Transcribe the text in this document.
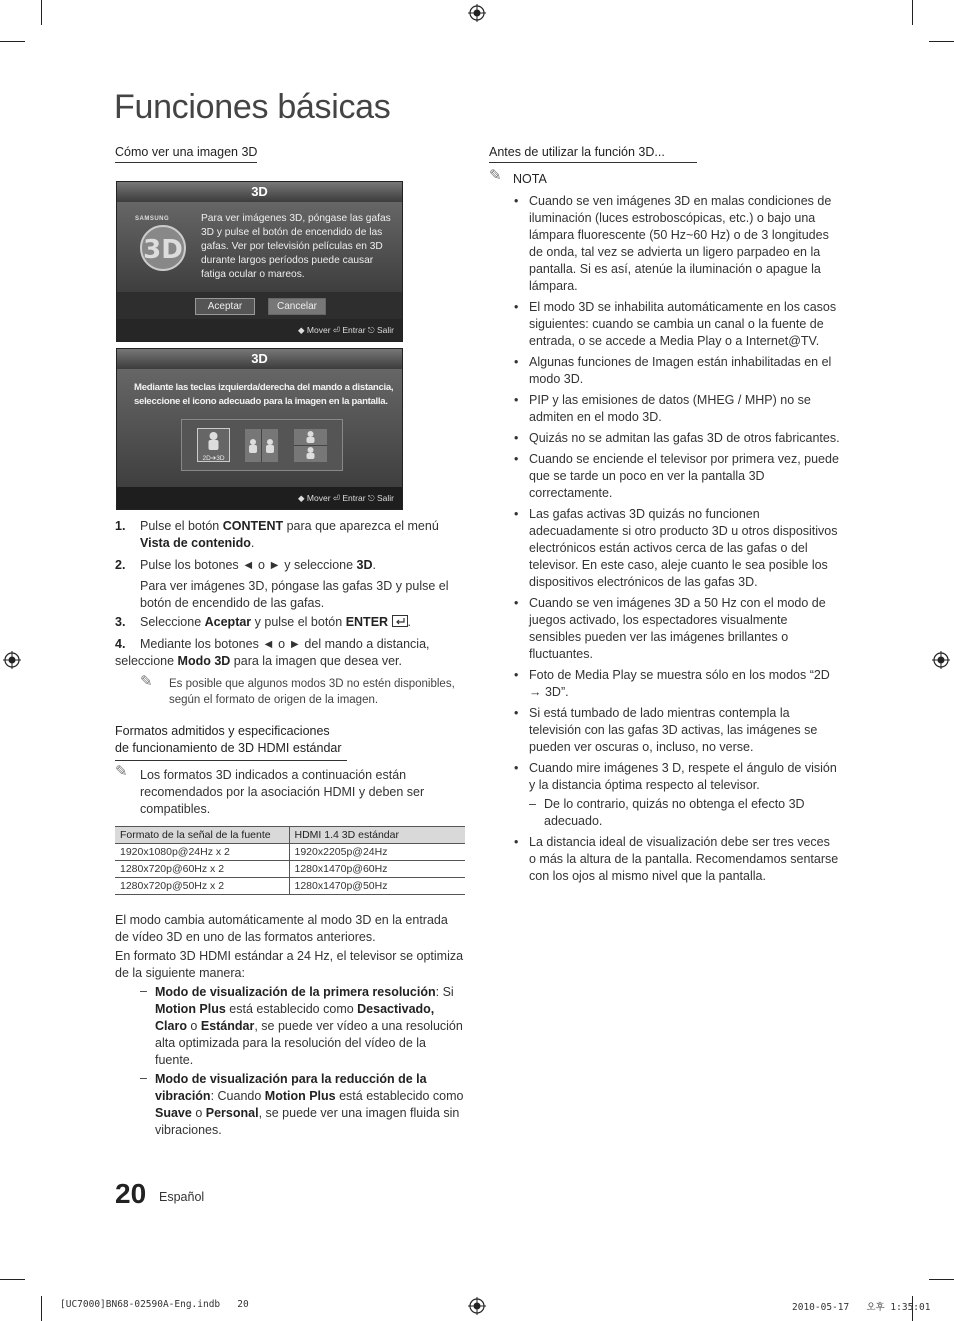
Funciones básicas
Cómo ver una imagen 3D
3D
SAMSUNG
3D
Para ver imágenes 3D, póngase las gafas 3D y pulse el botón de encendido de las gafas. Ver por televisión películas en 3D durante largos períodos puede causar fatiga ocular o mareos.
Aceptar	Cancelar
◆ Mover ⏎ Entrar ⎋ Salir
3D
Mediante las teclas izquierda/derecha del mando a distancia, seleccione el icono adecuado para la imagen en la pantalla.
2D➔3D
◆ Mover ⏎ Entrar ⎋ Salir
1. Pulse el botón CONTENT para que aparezca el menú
Vista de contenido.
2. Pulse los botones ◄ o ► y seleccione 3D.
Para ver imágenes 3D, póngase las gafas 3D y pulse el botón de encendido de las gafas.
3. Seleccione Aceptar y pulse el botón ENTER .
4. Mediante los botones ◄ o ► del mando a distancia, seleccione Modo 3D para la imagen que desea ver.
✎ Es posible que algunos modos 3D no estén disponibles, según el formato de origen de la imagen.
Formatos admitidos y especificaciones de funcionamiento de 3D HDMI estándar
✎ Los formatos 3D indicados a continuación están recomendados por la asociación HDMI y deben ser compatibles.
Formato de la señal de la fuente	HDMI 1.4 3D estándar
1920x1080p@24Hz x 2	1920x2205p@24Hz
1280x720p@60Hz x 2	1280x1470p@60Hz
1280x720p@50Hz x 2	1280x1470p@50Hz
El modo cambia automáticamente al modo 3D en la entrada de vídeo 3D en uno de las formatos anteriores.
En formato 3D HDMI estándar a 24 Hz, el televisor se optimiza de la siguiente manera:
– Modo de visualización de la primera resolución: Si Motion Plus está establecido como Desactivado, Claro o Estándar, se puede ver vídeo a una resolución alta optimizada para la resolución del vídeo de la fuente.
– Modo de visualización para la reducción de la vibración: Cuando Motion Plus está establecido como Suave o Personal, se puede ver una imagen fluida sin vibraciones.
20 Español
Antes de utilizar la función 3D...
✎ NOTA
• Cuando se ven imágenes 3D en malas condiciones de iluminación (luces estroboscópicas, etc.) o bajo una lámpara fluorescente (50 Hz~60 Hz) o de 3 longitudes de onda, tal vez se advierta un ligero parpadeo en la pantalla. Si es así, atenúe la iluminación o apague la lámpara.
• El modo 3D se inhabilita automáticamente en los casos siguientes: cuando se cambia un canal o la fuente de entrada, o se accede a Media Play o a Internet@TV.
• Algunas funciones de Imagen están inhabilitadas en el modo 3D.
• PIP y las emisiones de datos (MHEG / MHP) no se admiten en el modo 3D.
• Quizás no se admitan las gafas 3D de otros fabricantes.
• Cuando se enciende el televisor por primera vez, puede que se tarde un poco en ver la pantalla 3D correctamente.
• Las gafas activas 3D quizás no funcionen adecuadamente si otro producto 3D u otros dispositivos electrónicos están activos cerca de las gafas o del televisor. En este caso, aleje cuanto le sea posible los dispositivos electrónicos de las gafas 3D.
• Cuando se ven imágenes 3D a 50 Hz con el modo de juegos activado, los espectadores visualmente sensibles pueden ver las imágenes brillantes o fluctuantes.
• Foto de Media Play se muestra sólo en los modos “2D → 3D”.
• Si está tumbado de lado mientras contempla la televisión con las gafas 3D activas, las imágenes se pueden ver oscuras o, incluso, no verse.
• Cuando mire imágenes 3 D, respete el ángulo de visión y la distancia óptima respecto al televisor.
– De lo contrario, quizás no obtenga el efecto 3D adecuado.
• La distancia ideal de visualización debe ser tres veces o más la altura de la pantalla. Recomendamos sentarse con los ojos al mismo nivel que la pantalla.
[UC7000]BN68-02590A-Eng.indb   20	2010-05-17   오후 1:35:01
